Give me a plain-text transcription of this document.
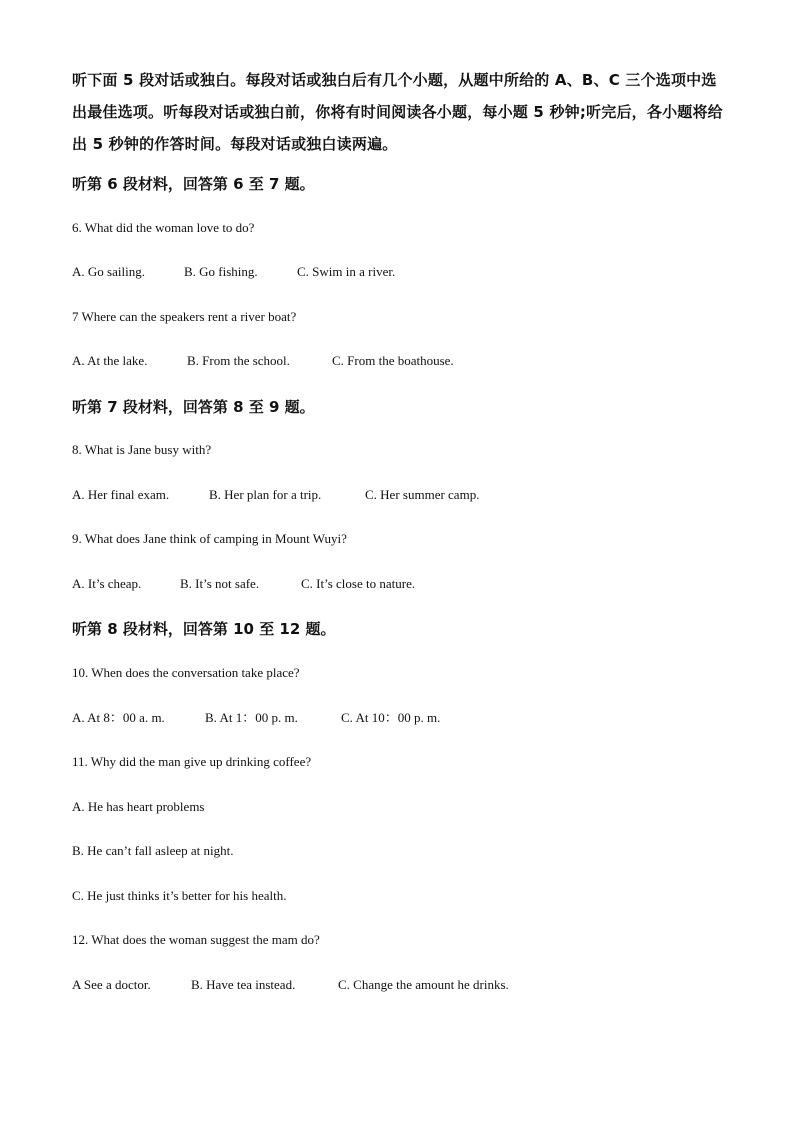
听下面 5 段对话或独白。每段对话或独白后有几个小题，从题中所给的 A、B、C 三个选项中选出最佳选项。听每段对话或独白前，你将有时间阅读各小题，每小题 5 秒钟;听完后，各小题将给出 5 秒钟的作答时间。每段对话或独白读两遍。

听第 6 段材料，回答第 6 至 7 题。

6. What did the woman love to do?

A. Go sailing.	B. Go fishing.	C. Swim in a river.

7 Where can the speakers rent a river boat?

A. At the lake.	B. From the school.	C. From the boathouse.

听第 7 段材料，回答第 8 至 9 题。

8. What is Jane busy with?

A. Her final exam.	B. Her plan for a trip.	C. Her summer camp.

9. What does Jane think of camping in Mount Wuyi?

A. It’s cheap.	B. It’s not safe.	C. It’s close to nature.

听第 8 段材料，回答第 10 至 12 题。

10. When does the conversation take place?

A. At 8：00 a. m.	B. At 1：00 p. m.	C. At 10：00 p. m.

11. Why did the man give up drinking coffee?

A. He has heart problems

B. He can’t fall asleep at night.

C. He just thinks it’s better for his health.

12. What does the woman suggest the mam do?

A See a doctor.	B. Have tea instead.	C. Change the amount he drinks.
